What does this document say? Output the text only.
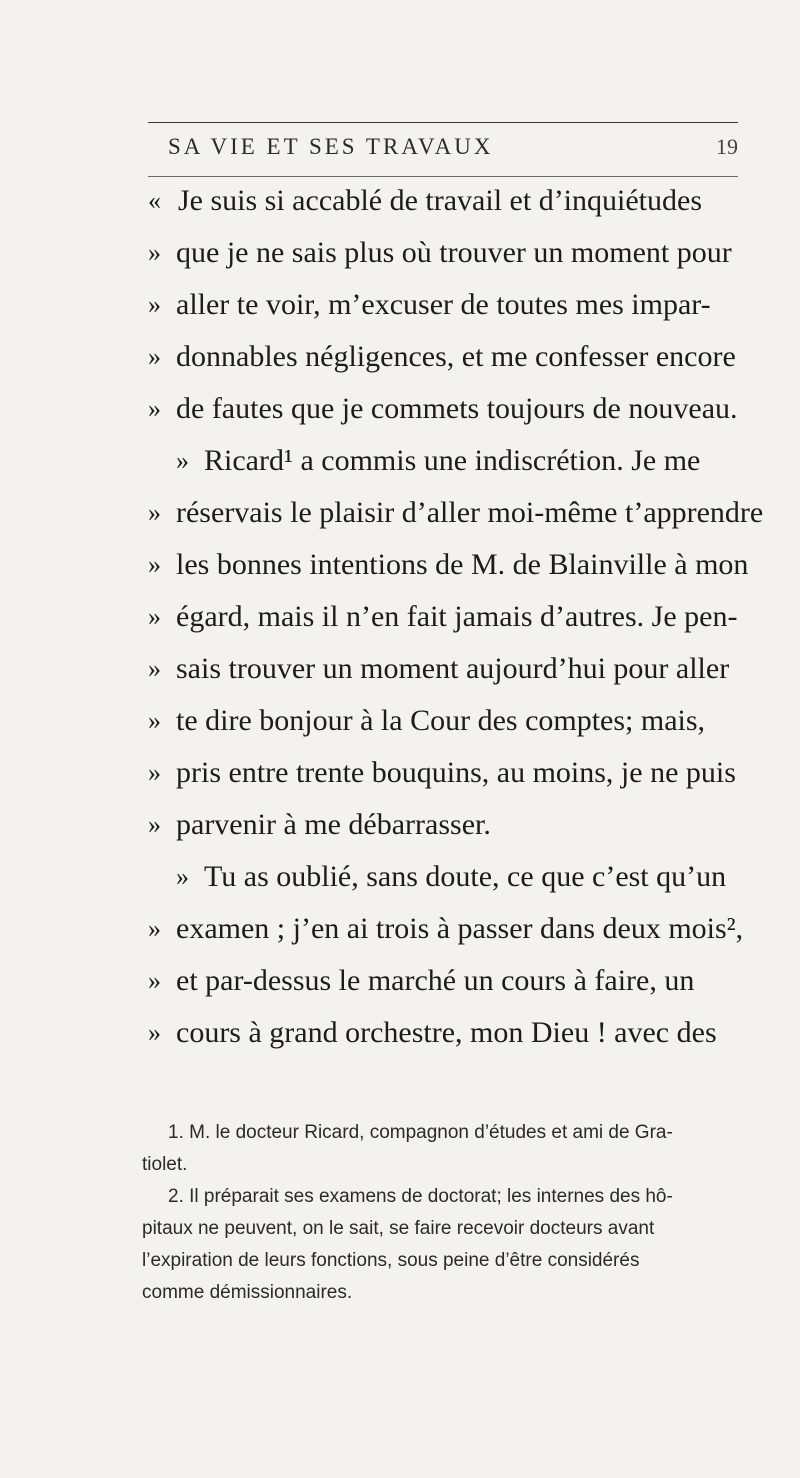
SA VIE ET SES TRAVAUX	19
« Je suis si accablé de travail et d’inquiétudes
» que je ne sais plus où trouver un moment pour
» aller te voir, m’excuser de toutes mes impar-
» donnables négligences, et me confesser encore
» de fautes que je commets toujours de nouveau.
» Ricard¹ a commis une indiscrétion. Je me
» réservais le plaisir d’aller moi-même t’apprendre
» les bonnes intentions de M. de Blainville à mon
» égard, mais il n’en fait jamais d’autres. Je pen-
» sais trouver un moment aujourd’hui pour aller
» te dire bonjour à la Cour des comptes; mais,
» pris entre trente bouquins, au moins, je ne puis
» parvenir à me débarrasser.
» Tu as oublié, sans doute, ce que c’est qu’un
» examen ; j’en ai trois à passer dans deux mois²,
» et par-dessus le marché un cours à faire, un
» cours à grand orchestre, mon Dieu ! avec des
1. M. le docteur Ricard, compagnon d’études et ami de Gra-
tiolet.
2. Il préparait ses examens de doctorat; les internes des hô-
pitaux ne peuvent, on le sait, se faire recevoir docteurs avant
l’expiration de leurs fonctions, sous peine d’être considérés
comme démissionnaires.
